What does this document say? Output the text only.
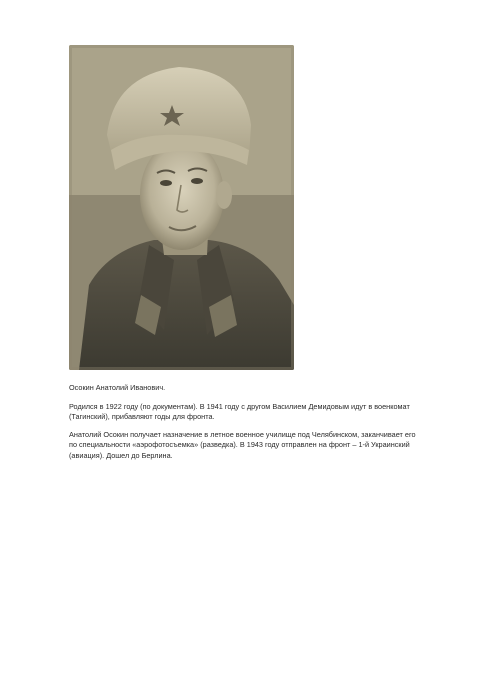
Осокин Анатолий Иванович.

Родился в 1922 году (по документам). В 1941 году с другом Василием Демидовым идут в военкомат (Тагинский), прибавляют годы для фронта.

Анатолий Осокин получает назначение в летное военное училище под Челябинском, заканчивает его по специальности «аэрофотосъемка» (разведка). В 1943 году отправлен на фронт – 1-й Украинский (авиация). Дошел до Берлина.
